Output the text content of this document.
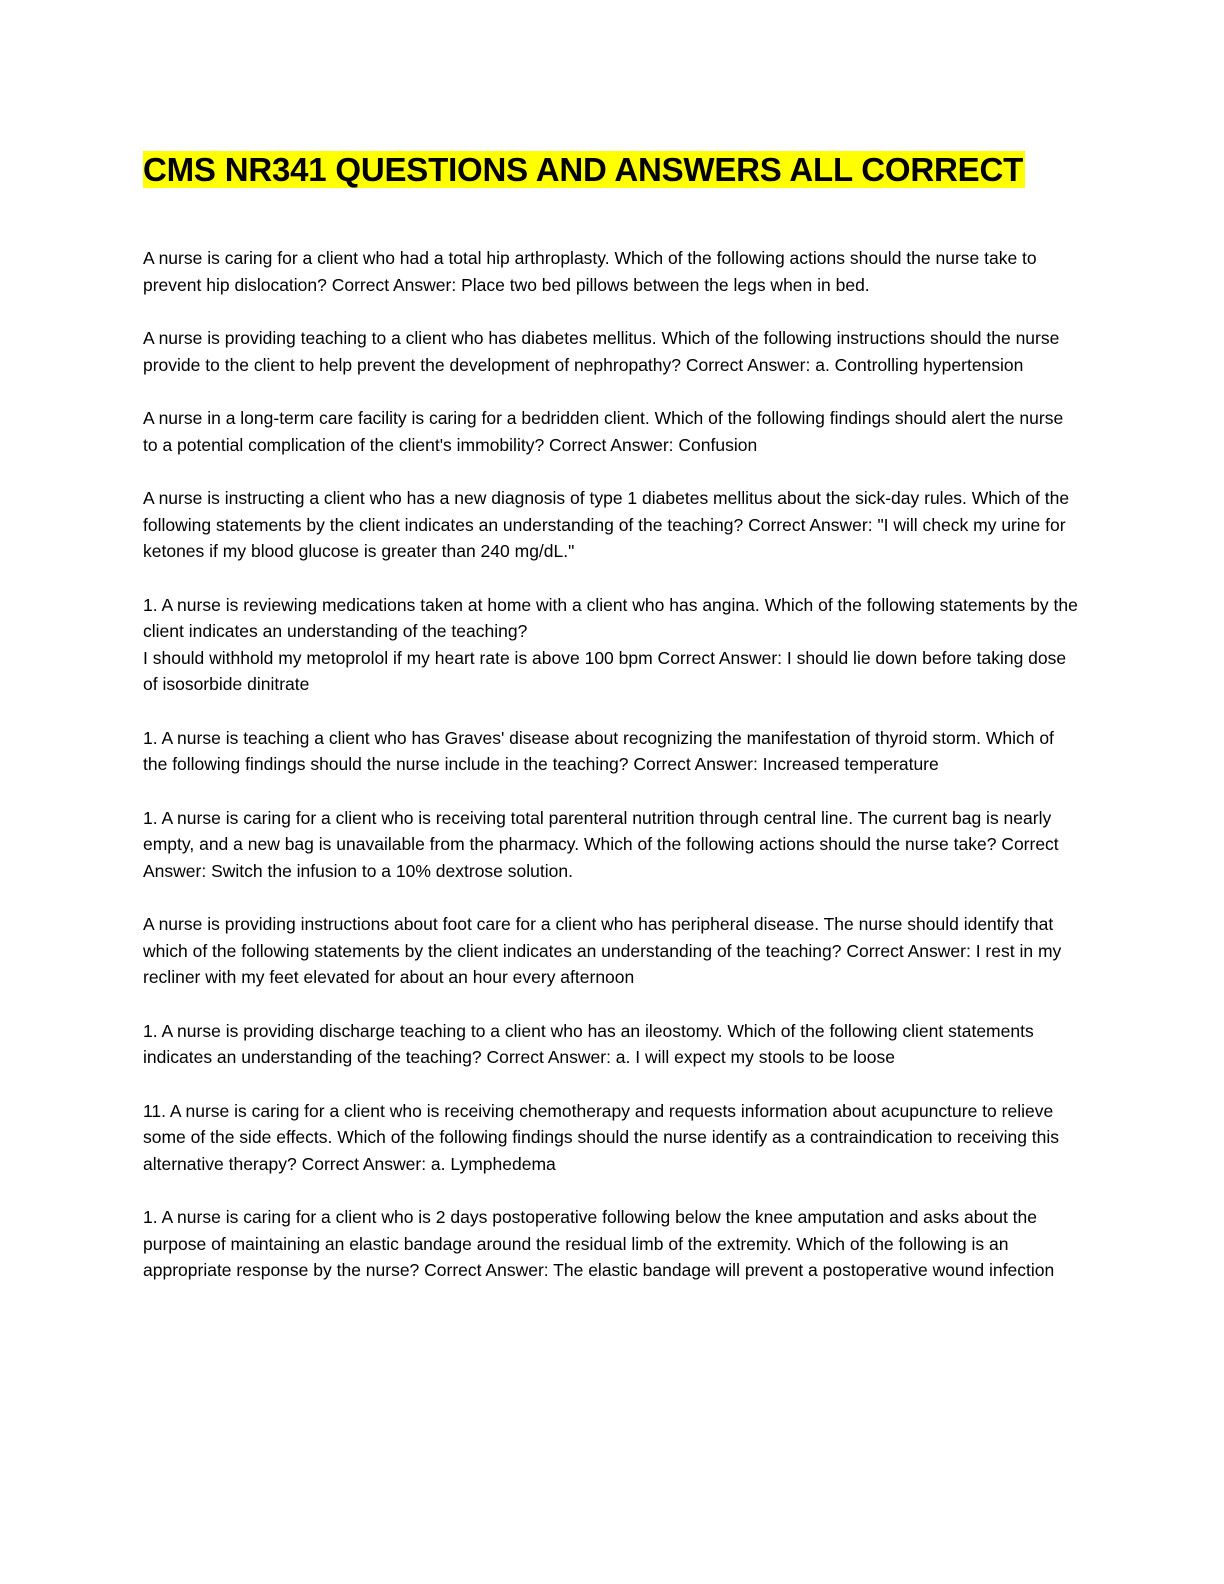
CMS NR341 QUESTIONS AND ANSWERS ALL CORRECT

A nurse is caring for a client who had a total hip arthroplasty. Which of the following actions should the nurse take to prevent hip dislocation? Correct Answer: Place two bed pillows between the legs when in bed.

A nurse is providing teaching to a client who has diabetes mellitus. Which of the following instructions should the nurse provide to the client to help prevent the development of nephropathy? Correct Answer: a. Controlling hypertension

A nurse in a long-term care facility is caring for a bedridden client. Which of the following findings should alert the nurse to a potential complication of the client's immobility? Correct Answer: Confusion

A nurse is instructing a client who has a new diagnosis of type 1 diabetes mellitus about the sick-day rules. Which of the following statements by the client indicates an understanding of the teaching? Correct Answer: "I will check my urine for ketones if my blood glucose is greater than 240 mg/dL."

1. A nurse is reviewing medications taken at home with a client who has angina. Which of the following statements by the client indicates an understanding of the teaching?
I should withhold my metoprolol if my heart rate is above 100 bpm Correct Answer: I should lie down before taking dose of isosorbide dinitrate

1. A nurse is teaching a client who has Graves' disease about recognizing the manifestation of thyroid storm. Which of the following findings should the nurse include in the teaching? Correct Answer: Increased temperature

1. A nurse is caring for a client who is receiving total parenteral nutrition through central line. The current bag is nearly empty, and a new bag is unavailable from the pharmacy. Which of the following actions should the nurse take? Correct Answer: Switch the infusion to a 10% dextrose solution.

A nurse is providing instructions about foot care for a client who has peripheral disease. The nurse should identify that which of the following statements by the client indicates an understanding of the teaching? Correct Answer: I rest in my recliner with my feet elevated for about an hour every afternoon

1. A nurse is providing discharge teaching to a client who has an ileostomy. Which of the following client statements indicates an understanding of the teaching? Correct Answer: a. I will expect my stools to be loose

11. A nurse is caring for a client who is receiving chemotherapy and requests information about acupuncture to relieve some of the side effects. Which of the following findings should the nurse identify as a contraindication to receiving this alternative therapy? Correct Answer: a. Lymphedema

1. A nurse is caring for a client who is 2 days postoperative following below the knee amputation and asks about the purpose of maintaining an elastic bandage around the residual limb of the extremity. Which of the following is an appropriate response by the nurse? Correct Answer: The elastic bandage will prevent a postoperative wound infection
